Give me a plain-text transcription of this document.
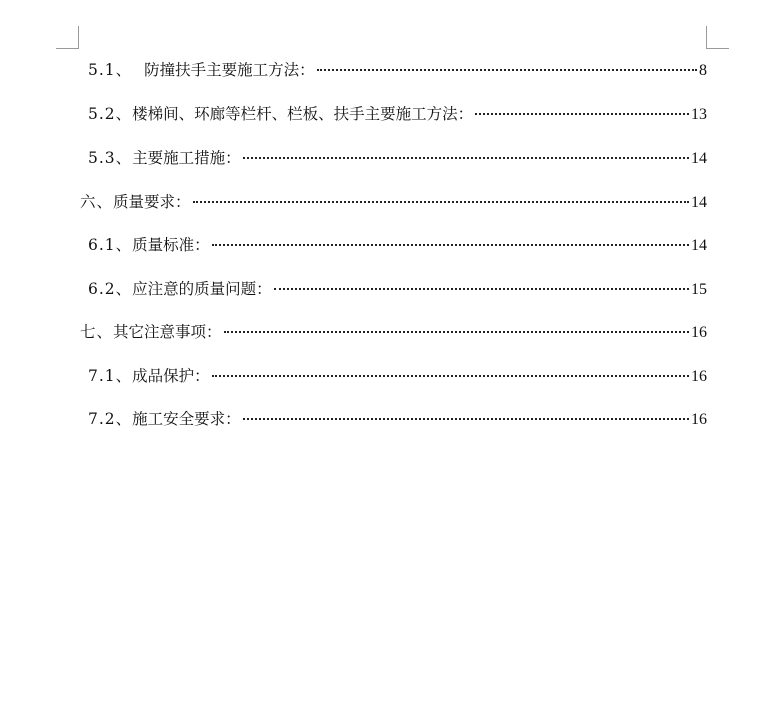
5.1、 防撞扶手主要施工方法：	8
5.2、 楼梯间、环廊等栏杆、栏板、扶手主要施工方法：	13
5.3、 主要施工措施：	14
六、 质量要求：	14
6.1、 质量标准：	14
6.2、 应注意的质量问题：	15
七、 其它注意事项：	16
7.1、 成品保护：	16
7.2、 施工安全要求：	16
